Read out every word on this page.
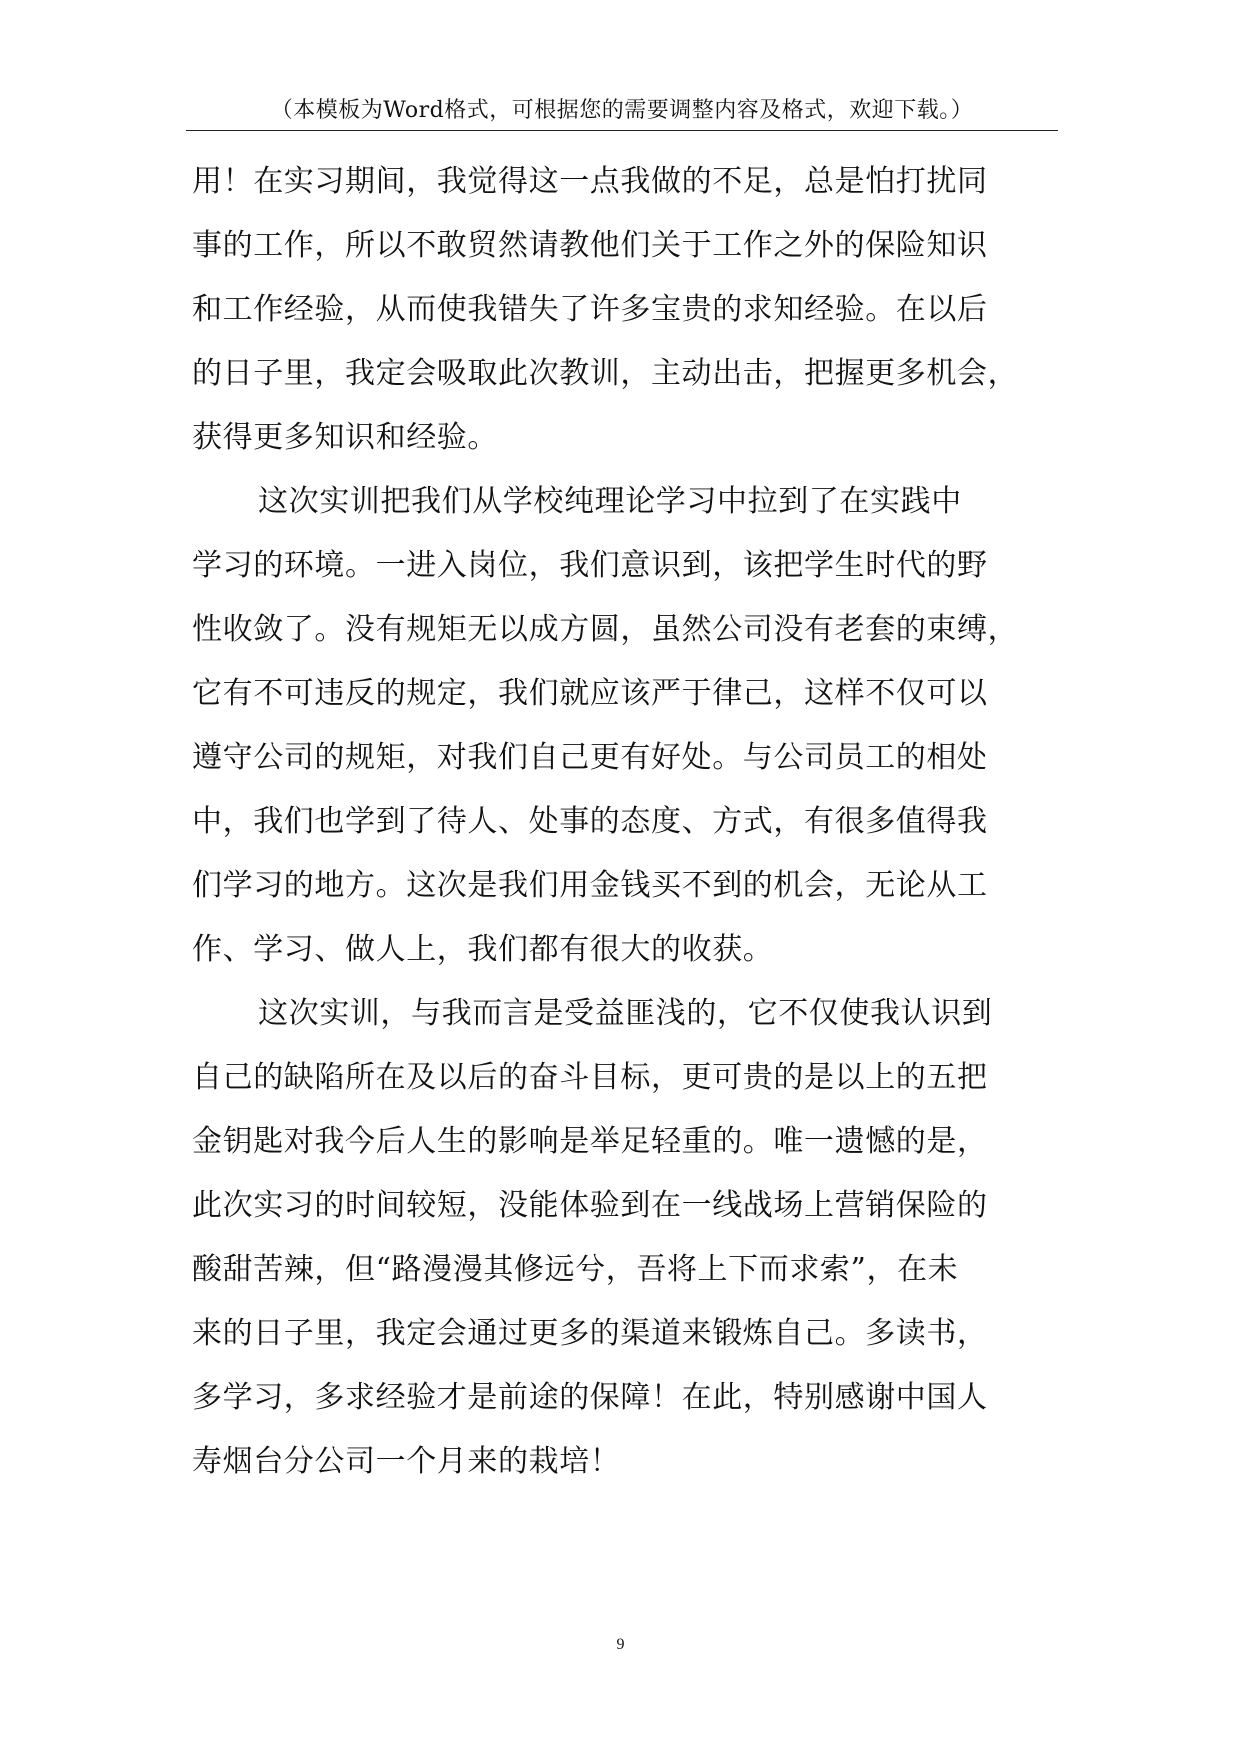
（本模板为Word格式，可根据您的需要调整内容及格式，欢迎下载。）
用！在实习期间，我觉得这一点我做的不足，总是怕打扰同
事的工作，所以不敢贸然请教他们关于工作之外的保险知识
和工作经验，从而使我错失了许多宝贵的求知经验。在以后
的日子里，我定会吸取此次教训，主动出击，把握更多机会，
获得更多知识和经验。
这次实训把我们从学校纯理论学习中拉到了在实践中
学习的环境。一进入岗位，我们意识到，该把学生时代的野
性收敛了。没有规矩无以成方圆，虽然公司没有老套的束缚，
它有不可违反的规定，我们就应该严于律己，这样不仅可以
遵守公司的规矩，对我们自己更有好处。与公司员工的相处
中，我们也学到了待人、处事的态度、方式，有很多值得我
们学习的地方。这次是我们用金钱买不到的机会，无论从工
作、学习、做人上，我们都有很大的收获。
这次实训，与我而言是受益匪浅的，它不仅使我认识到
自己的缺陷所在及以后的奋斗目标，更可贵的是以上的五把
金钥匙对我今后人生的影响是举足轻重的。唯一遗憾的是，
此次实习的时间较短，没能体验到在一线战场上营销保险的
酸甜苦辣，但“路漫漫其修远兮，吾将上下而求索”，在未
来的日子里，我定会通过更多的渠道来锻炼自己。多读书，
多学习，多求经验才是前途的保障！在此，特别感谢中国人
寿烟台分公司一个月来的栽培！
9
